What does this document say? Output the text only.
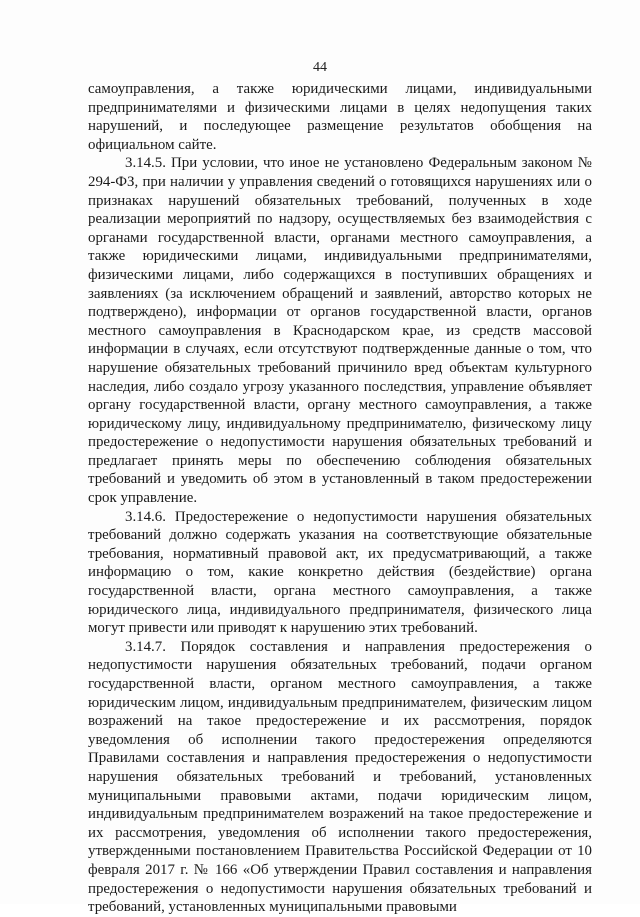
44

самоуправления, а также юридическими лицами, индивидуальными предпринимателями и физическими лицами в целях недопущения таких нарушений, и последующее размещение результатов обобщения на официальном сайте.

3.14.5. При условии, что иное не установлено Федеральным законом № 294-ФЗ, при наличии у управления сведений о готовящихся нарушениях или о признаках нарушений обязательных требований, полученных в ходе реализации мероприятий по надзору, осуществляемых без взаимодействия с органами государственной власти, органами местного самоуправления, а также юридическими лицами, индивидуальными предпринимателями, физическими лицами, либо содержащихся в поступивших обращениях и заявлениях (за исключением обращений и заявлений, авторство которых не подтверждено), информации от органов государственной власти, органов местного самоуправления в Краснодарском крае, из средств массовой информации в случаях, если отсутствуют подтвержденные данные о том, что нарушение обязательных требований причинило вред объектам культурного наследия, либо создало угрозу указанного последствия, управление объявляет органу государственной власти, органу местного самоуправления, а также юридическому лицу, индивидуальному предпринимателю, физическому лицу предостережение о недопустимости нарушения обязательных требований и предлагает принять меры по обеспечению соблюдения обязательных требований и уведомить об этом в установленный в таком предостережении срок управление.

3.14.6. Предостережение о недопустимости нарушения обязательных требований должно содержать указания на соответствующие обязательные требования, нормативный правовой акт, их предусматривающий, а также информацию о том, какие конкретно действия (бездействие) органа государственной власти, органа местного самоуправления, а также юридического лица, индивидуального предпринимателя, физического лица могут привести или приводят к нарушению этих требований.

3.14.7. Порядок составления и направления предостережения о недопустимости нарушения обязательных требований, подачи органом государственной власти, органом местного самоуправления, а также юридическим лицом, индивидуальным предпринимателем, физическим лицом возражений на такое предостережение и их рассмотрения, порядок уведомления об исполнении такого предостережения определяются Правилами составления и направления предостережения о недопустимости нарушения обязательных требований и требований, установленных муниципальными правовыми актами, подачи юридическим лицом, индивидуальным предпринимателем возражений на такое предостережение и их рассмотрения, уведомления об исполнении такого предостережения, утвержденными постановлением Правительства Российской Федерации от 10 февраля 2017 г. № 166 «Об утверждении Правил составления и направления предостережения о недопустимости нарушения обязательных требований и требований, установленных муниципальными правовыми
